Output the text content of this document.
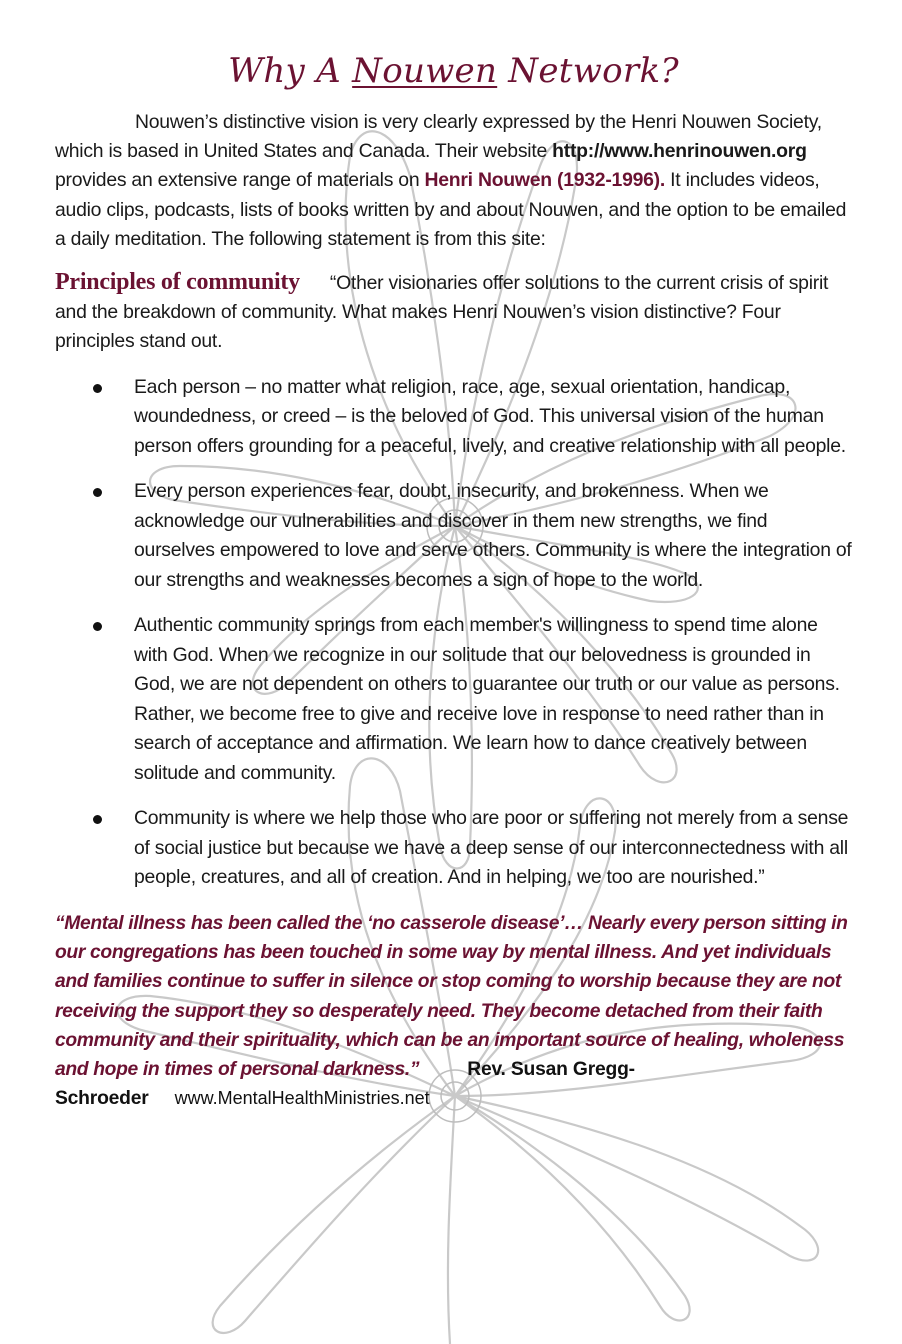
Why A Nouwen Network?

Nouwen’s distinctive vision is very clearly expressed by the Henri Nouwen Society, which is based in United States and Canada. Their website http://www.henrinouwen.org provides an extensive range of materials on Henri Nouwen (1932-1996). It includes videos, audio clips, podcasts, lists of books written by and about Nouwen, and the option to be emailed a daily meditation. The following statement is from this site:

Principles of community “Other visionaries offer solutions to the current crisis of spirit and the breakdown of community. What makes Henri Nouwen’s vision distinctive? Four principles stand out.

Each person – no matter what religion, race, age, sexual orientation, handicap, woundedness, or creed – is the beloved of God. This universal vision of the human person offers grounding for a peaceful, lively, and creative relationship with all people.
Every person experiences fear, doubt, insecurity, and brokenness. When we acknowledge our vulnerabilities and discover in them new strengths, we find ourselves empowered to love and serve others. Community is where the integration of our strengths and weaknesses becomes a sign of hope to the world.
Authentic community springs from each member's willingness to spend time alone with God. When we recognize in our solitude that our belovedness is grounded in God, we are not dependent on others to guarantee our truth or our value as persons. Rather, we become free to give and receive love in response to need rather than in search of acceptance and affirmation. We learn how to dance creatively between solitude and community.
Community is where we help those who are poor or suffering not merely from a sense of social justice but because we have a deep sense of our interconnectedness with all people, creatures, and all of creation. And in helping, we too are nourished.”

“Mental illness has been called the ‘no casserole disease’… Nearly every person sitting in our congregations has been touched in some way by mental illness. And yet individuals and families continue to suffer in silence or stop coming to worship because they are not receiving the support they so desperately need. They become detached from their faith community and their spirituality, which can be an important source of healing, wholeness and hope in times of personal darkness.” Rev. Susan Gregg-Schroeder www.MentalHealthMinistries.net
